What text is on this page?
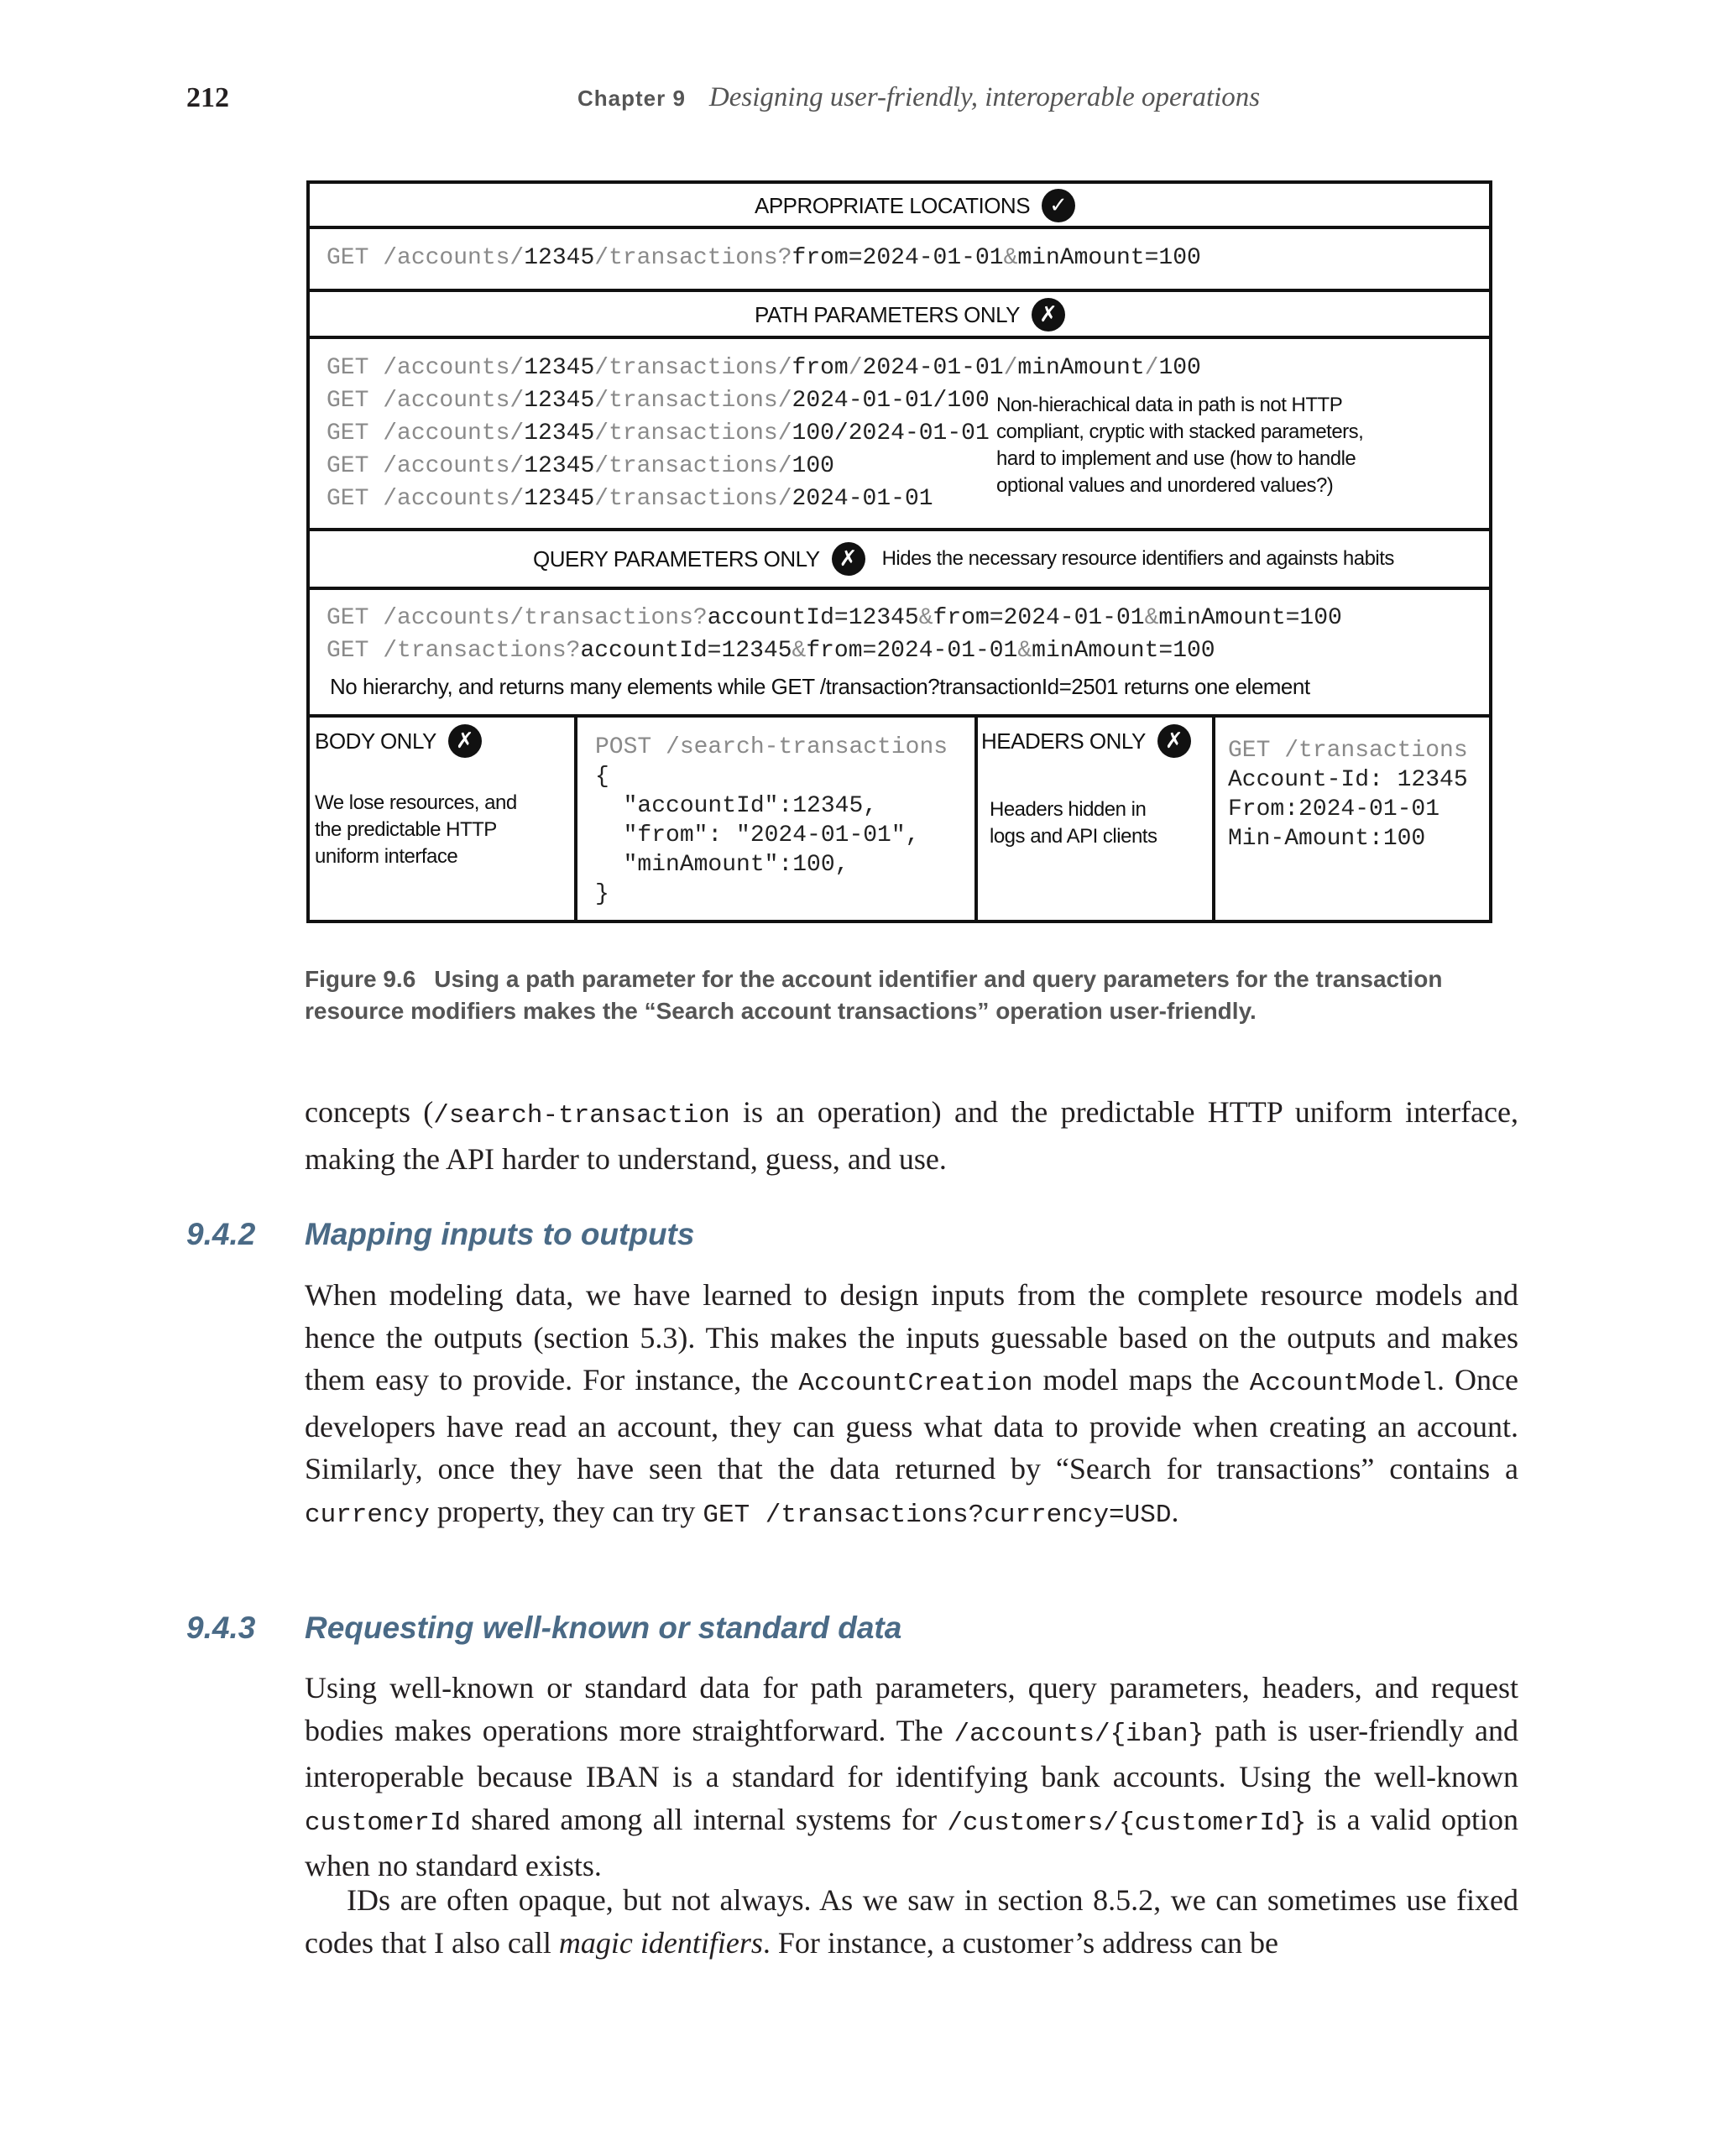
212	Chapter 9 Designing user-friendly, interoperable operations
APPROPRIATE LOCATIONS ✓
GET /accounts/12345/transactions?from=2024-01-01&minAmount=100
PATH PARAMETERS ONLY ✗
GET /accounts/12345/transactions/from/2024-01-01/minAmount/100
GET /accounts/12345/transactions/2024-01-01/100
GET /accounts/12345/transactions/100/2024-01-01
GET /accounts/12345/transactions/100
GET /accounts/12345/transactions/2024-01-01
Non-hierachical data in path is not HTTP
compliant, cryptic with stacked parameters,
hard to implement and use (how to handle
optional values and unordered values?)
QUERY PARAMETERS ONLY ✗	Hides the necessary resource identifiers and againsts habits
GET /accounts/transactions?accountId=12345&from=2024-01-01&minAmount=100
GET /transactions?accountId=12345&from=2024-01-01&minAmount=100
No hierarchy, and returns many elements while GET /transaction?transactionId=2501 returns one element
BODY ONLY ✗
We lose resources, and
the predictable HTTP
uniform interface
POST /search-transactions
{
"accountId":12345,
"from": "2024-01-01",
"minAmount":100,
}
HEADERS ONLY ✗
Headers hidden in
logs and API clients
GET /transactions
Account-Id: 12345
From:2024-01-01
Min-Amount:100
Figure 9.6 Using a path parameter for the account identifier and query parameters for the transaction resource modifiers makes the “Search account transactions” operation user-friendly.
concepts (/search-transaction is an operation) and the predictable HTTP uniform interface, making the API harder to understand, guess, and use.
9.4.2 Mapping inputs to outputs
When modeling data, we have learned to design inputs from the complete resource models and hence the outputs (section 5.3). This makes the inputs guessable based on the outputs and makes them easy to provide. For instance, the AccountCreation model maps the AccountModel. Once developers have read an account, they can guess what data to provide when creating an account. Similarly, once they have seen that the data returned by “Search for transactions” contains a currency property, they can try GET /transactions?currency=USD.
9.4.3 Requesting well-known or standard data
Using well-known or standard data for path parameters, query parameters, headers, and request bodies makes operations more straightforward. The /accounts/{iban} path is user-friendly and interoperable because IBAN is a standard for identifying bank accounts. Using the well-known customerId shared among all internal systems for /customers/{customerId} is a valid option when no standard exists.
IDs are often opaque, but not always. As we saw in section 8.5.2, we can sometimes use fixed codes that I also call magic identifiers. For instance, a customer’s address can be
